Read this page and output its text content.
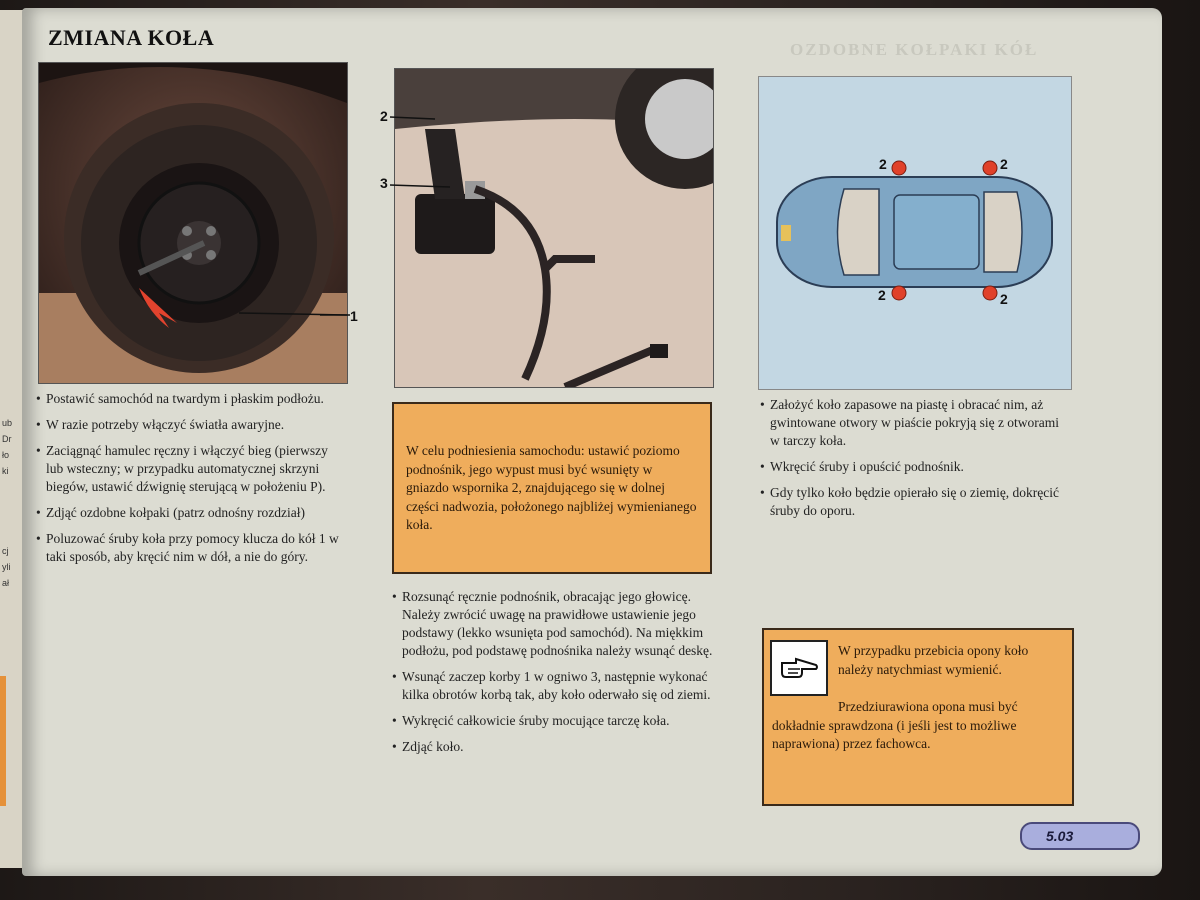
ub
Dr
ło
ki
cj
yli
ał
OZDOBNE KOŁPAKI KÓŁ
ZMIANA KOŁA
1
2
3
2	2
2	2
• Postawić samochód na twardym i płaskim podłożu.
• W razie potrzeby włączyć światła awaryjne.
• Zaciągnąć hamulec ręczny i włączyć bieg (pierwszy lub wsteczny; w przypadku automatycznej skrzyni biegów, ustawić dźwignię sterującą w położeniu P).
• Zdjąć ozdobne kołpaki (patrz odnośny rozdział)
• Poluzować śruby koła przy pomocy klucza do kół 1 w taki sposób, aby kręcić nim w dół, a nie do góry.
W celu podniesienia samochodu: ustawić poziomo podnośnik, jego wypust musi być wsunięty w gniazdo wspornika 2, znajdującego się w dolnej części nadwozia, położonego najbliżej wymienianego koła.
• Rozsunąć ręcznie podnośnik, obracając jego głowicę. Należy zwrócić uwagę na prawidłowe ustawienie jego podstawy (lekko wsunięta pod samochód). Na miękkim podłożu, pod podstawę podnośnika należy wsunąć deskę.
• Wsunąć zaczep korby 1 w ogniwo 3, następnie wykonać kilka obrotów korbą tak, aby koło oderwało się od ziemi.
• Wykręcić całkowicie śruby mocujące tarczę koła.
• Zdjąć koło.
• Założyć koło zapasowe na piastę i obracać nim, aż gwintowane otwory w piaście pokryją się z otworami w tarczy koła.
• Wkręcić śruby i opuścić podnośnik.
• Gdy tylko koło będzie opierało się o ziemię, dokręcić śruby do oporu.
W przypadku przebicia opony koło należy natychmiast wymienić.
Przedziurawiona opona musi być dokładnie sprawdzona (i jeśli jest to możliwe naprawiona) przez fachowca.
5.03
